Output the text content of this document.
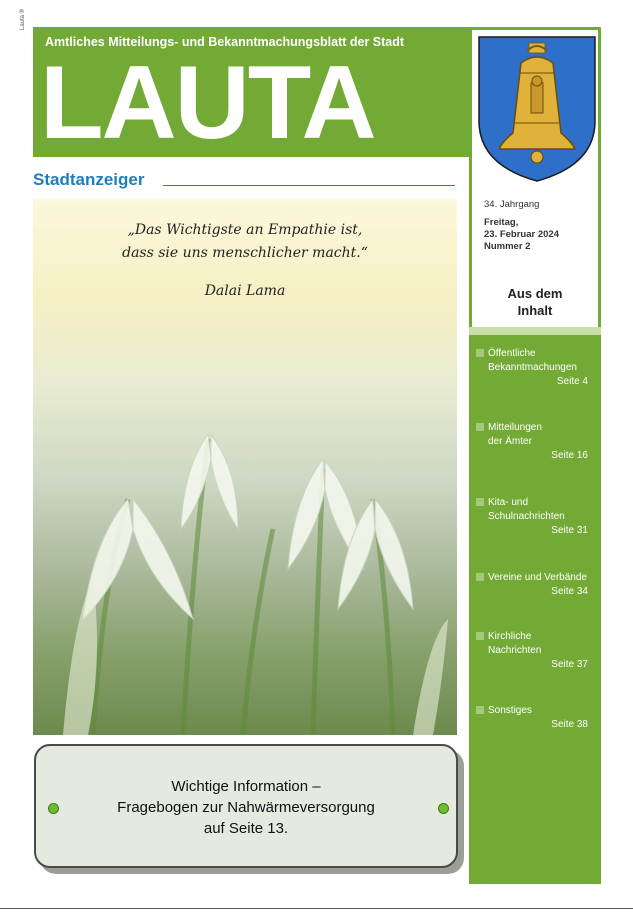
Lauta ®
Amtliches Mitteilungs- und Bekanntmachungsblatt der Stadt
LAUTA
34. Jahrgang
Freitag,
23. Februar 2024
Nummer 2
Aus dem
Inhalt
Öffentliche
Bekanntmachungen
Seite 4
Mitteilungen
der Ämter
Seite 16
Kita- und
Schulnachrichten
Seite 31
Vereine und Verbände
Seite 34
Kirchliche
Nachrichten
Seite 37
Sonstiges
Seite 38
Stadtanzeiger
„Das Wichtigste an Empathie ist,
dass sie uns menschlicher macht.“
Dalai Lama
Wichtige Information –
Fragebogen zur Nahwärmeversorgung
auf Seite 13.
